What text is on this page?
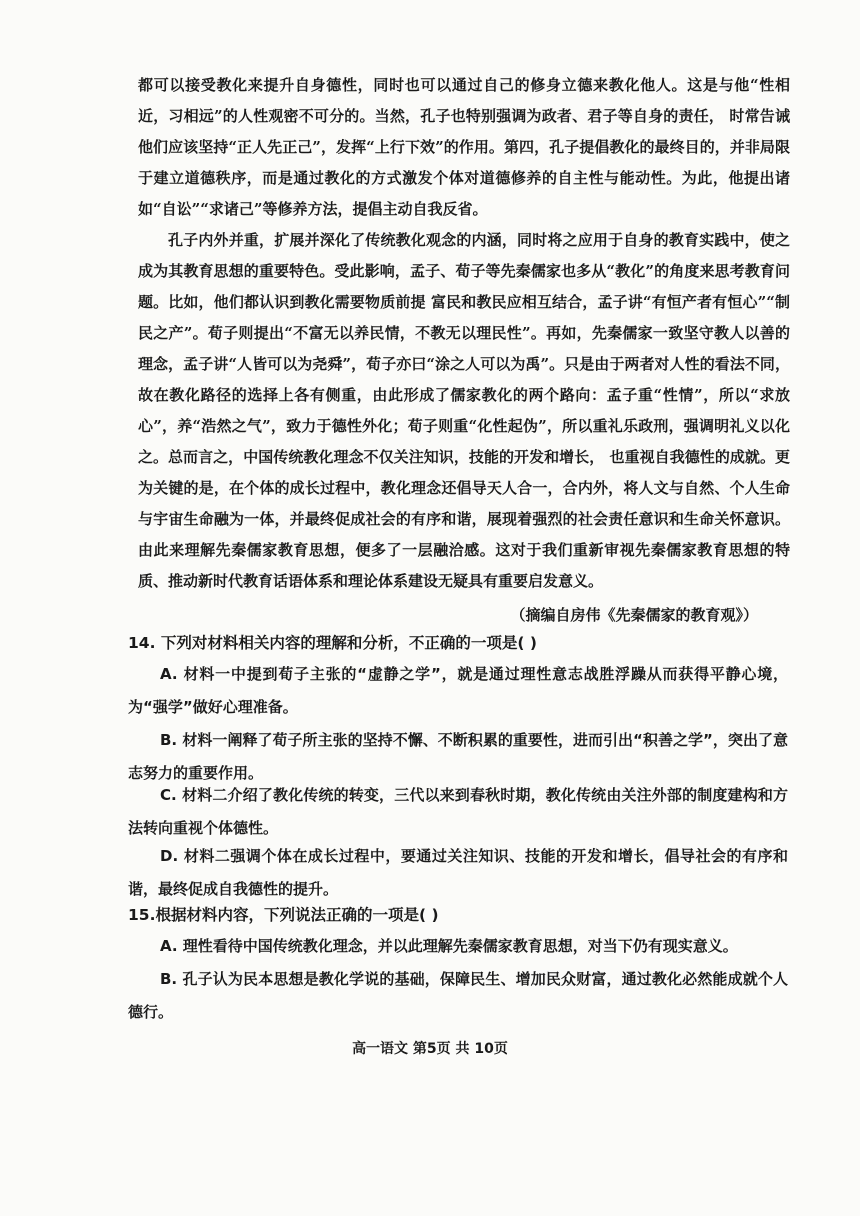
都可以接受教化来提升自身德性，同时也可以通过自己的修身立德来教化他人。这是与他“性相近，习相远”的人性观密不可分的。当然，孔子也特别强调为政者、君子等自身的责任， 时常告诫他们应该坚持“正人先正己”，发挥“上行下效”的作用。第四，孔子提倡教化的最终目的，并非局限于建立道德秩序，而是通过教化的方式激发个体对道德修养的自主性与能动性。为此，他提出诸如“自讼”“求诸己”等修养方法，提倡主动自我反省。

孔子内外并重，扩展并深化了传统教化观念的内涵，同时将之应用于自身的教育实践中，使之成为其教育思想的重要特色。受此影响，孟子、荀子等先秦儒家也多从“教化”的角度来思考教育问题。比如，他们都认识到教化需要物质前提 富民和教民应相互结合，孟子讲“有恒产者有恒心”“制民之产”。荀子则提出“不富无以养民情，不教无以理民性”。再如，先秦儒家一致坚守教人以善的理念，孟子讲“人皆可以为尧舜”，荀子亦曰“涂之人可以为禹”。只是由于两者对人性的看法不同，故在教化路径的选择上各有侧重，由此形成了儒家教化的两个路向：孟子重“性情”，所以“求放心”，养“浩然之气”，致力于德性外化；荀子则重“化性起伪”，所以重礼乐政刑，强调明礼义以化之。 总而言之，中国传统教化理念不仅关注知识，技能的开发和增长， 也重视自我德性的成就。更为关键的是，在个体的成长过程中，教化理念还倡导天人合一，合内外，将人文与自然、个人生命与宇宙生命融为一体，并最终促成社会的有序和谐，展现着强烈的社会责任意识和生命关怀意识。由此来理解先秦儒家教育思想，便多了一层融洽感。这对于我们重新审视先秦儒家教育思想的特质、推动新时代教育话语体系和理论体系建设无疑具有重要启发意义。

（摘编自房伟《先秦儒家的教育观》）

14. 下列对材料相关内容的理解和分析，不正确的一项是( )

A. 材料一中提到荀子主张的“虚静之学”，就是通过理性意志战胜浮躁从而获得平静心境，为“强学”做好心理准备。

B. 材料一阐释了荀子所主张的坚持不懈、不断积累的重要性，进而引出“积善之学”，突出了意志努力的重要作用。

C. 材料二介绍了教化传统的转变，三代以来到春秋时期，教化传统由关注外部的制度建构和方法转向重视个体德性。

D. 材料二强调个体在成长过程中，要通过关注知识、技能的开发和增长，倡导社会的有序和谐，最终促成自我德性的提升。

15.根据材料内容，下列说法正确的一项是( )

A. 理性看待中国传统教化理念，并以此理解先秦儒家教育思想，对当下仍有现实意义。

B. 孔子认为民本思想是教化学说的基础，保障民生、增加民众财富，通过教化必然能成就个人德行。

高一语文 第5页 共 10页
